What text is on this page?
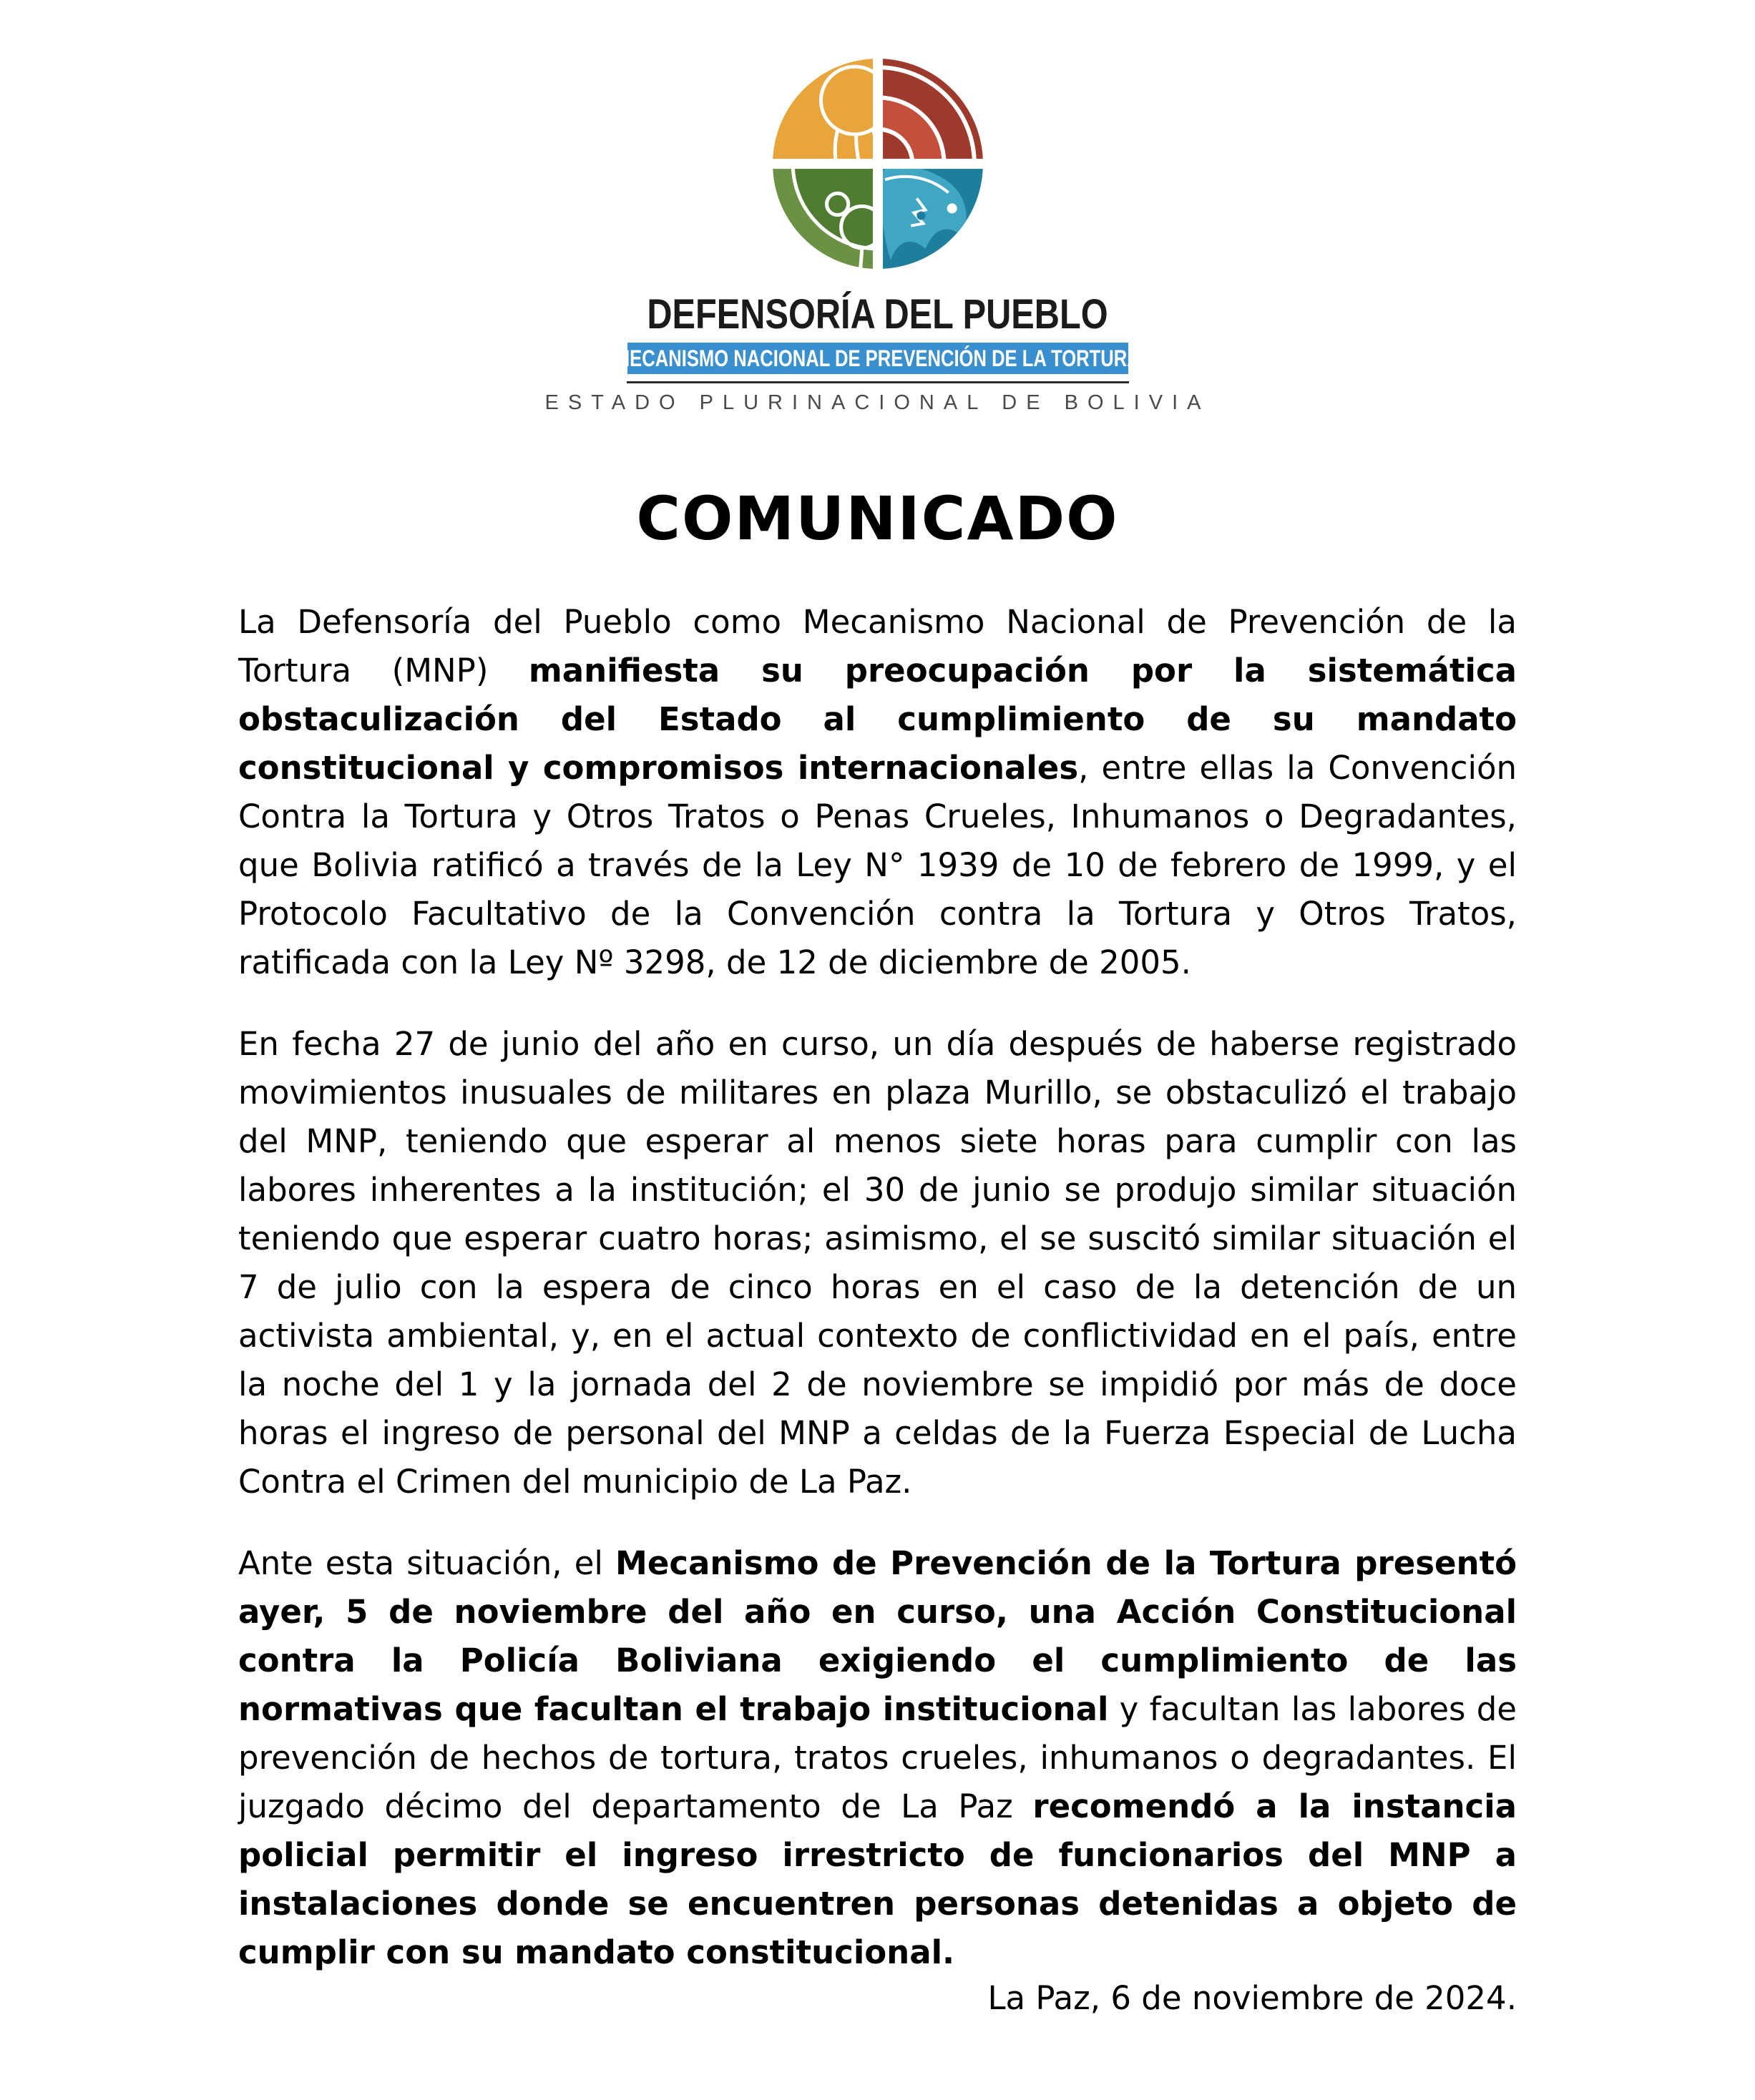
DEFENSORÍA DEL PUEBLO
MECANISMO NACIONAL DE PREVENCIÓN DE LA TORTURA
ESTADO PLURINACIONAL DE BOLIVIA
COMUNICADO

La Defensoría del Pueblo como Mecanismo Nacional de Prevención de la Tortura (MNP) manifiesta su preocupación por la sistemática obstaculización del Estado al cumplimiento de su mandato constitucional y compromisos internacionales, entre ellas la Convención Contra la Tortura y Otros Tratos o Penas Crueles, Inhumanos o Degradantes, que Bolivia ratificó a través de la Ley N° 1939 de 10 de febrero de 1999, y el Protocolo Facultativo de la Convención contra la Tortura y Otros Tratos, ratificada con la Ley Nº 3298, de 12 de diciembre de 2005.

En fecha 27 de junio del año en curso, un día después de haberse registrado movimientos inusuales de militares en plaza Murillo, se obstaculizó el trabajo del MNP, teniendo que esperar al menos siete horas para cumplir con las labores inherentes a la institución; el 30 de junio se produjo similar situación teniendo que esperar cuatro horas; asimismo, el se suscitó similar situación el 7 de julio con la espera de cinco horas en el caso de la detención de un activista ambiental, y, en el actual contexto de conflictividad en el país, entre la noche del 1 y la jornada del 2 de noviembre se impidió por más de doce horas el ingreso de personal del MNP a celdas de la Fuerza Especial de Lucha Contra el Crimen del municipio de La Paz.

Ante esta situación, el Mecanismo de Prevención de la Tortura presentó ayer, 5 de noviembre del año en curso, una Acción Constitucional contra la Policía Boliviana exigiendo el cumplimiento de las normativas que facultan el trabajo institucional y facultan las labores de prevención de hechos de tortura, tratos crueles, inhumanos o degradantes. El juzgado décimo del departamento de La Paz recomendó a la instancia policial permitir el ingreso irrestricto de funcionarios del MNP a instalaciones donde se encuentren personas detenidas a objeto de cumplir con su mandato constitucional.

La Paz, 6 de noviembre de 2024.
